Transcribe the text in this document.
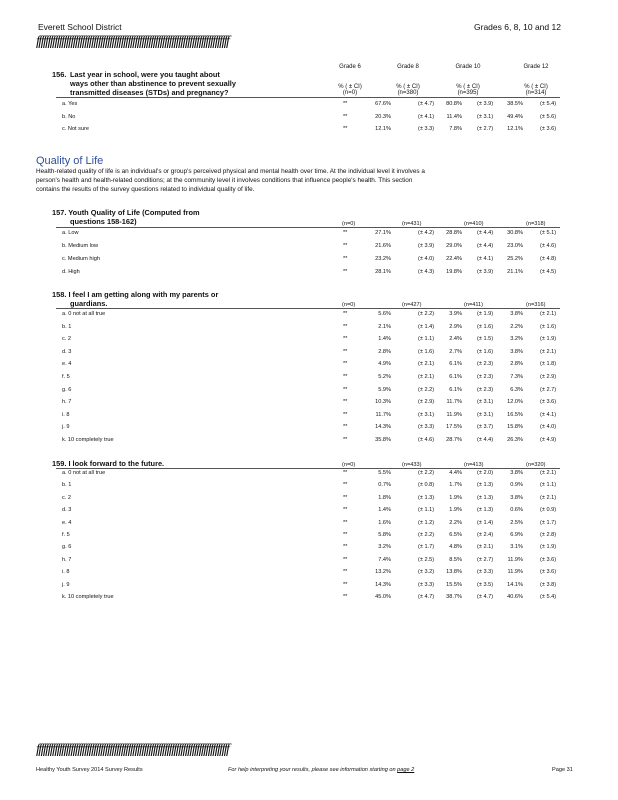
Everett School District	Grades 6, 8, 10 and 12
ffffffffffffffffffffffffffffffffffffffffffffffffffffffffffffffffffffffffffffffffffff
Grade 6	Grade 8	Grade 10	Grade 12
156. Last year in school, were you taught about
ways other than abstinence to prevent sexually
transmitted diseases (STDs) and pregnancy?
% ( ± CI)	% ( ± CI)	% ( ± CI)	% ( ± CI)
(n=0)	(n=380)	(n=395)	(n=314)
a. Yes	**	67.6%	(± 4.7)	80.8%	(± 3.9)	38.5%	(± 5.4)
b. No	**	20.3%	(± 4.1)	11.4%	(± 3.1)	49.4%	(± 5.6)
c. Not sure	**	12.1%	(± 3.3)	7.8%	(± 2.7)	12.1%	(± 3.6)
Quality of Life
Health-related quality of life is an individual's or group's perceived physical and mental health over time. At the individual level it involves a
person's health and health-related conditions; at the community level it involves conditions that influence people's health. This section
contains the results of the survey questions related to individual quality of life.
157. Youth Quality of Life (Computed from
questions 158-162)	(n=0)	(n=431)	(n=410)	(n=318)
a. Low	**	27.1%	(± 4.2)	28.8%	(± 4.4)	30.8%	(± 5.1)
b. Medium low	**	21.6%	(± 3.9)	29.0%	(± 4.4)	23.0%	(± 4.6)
c. Medium high	**	23.2%	(± 4.0)	22.4%	(± 4.1)	25.2%	(± 4.8)
d. High	**	28.1%	(± 4.3)	19.8%	(± 3.9)	21.1%	(± 4.5)
158. I feel I am getting along with my parents or
guardians.	(n=0)	(n=427)	(n=411)	(n=316)
a. 0 not at all true	**	5.6%	(± 2.2)	3.9%	(± 1.9)	3.8%	(± 2.1)
b. 1	**	2.1%	(± 1.4)	2.9%	(± 1.6)	2.2%	(± 1.6)
c. 2	**	1.4%	(± 1.1)	2.4%	(± 1.5)	3.2%	(± 1.9)
d. 3	**	2.8%	(± 1.6)	2.7%	(± 1.6)	3.8%	(± 2.1)
e. 4	**	4.9%	(± 2.1)	6.1%	(± 2.3)	2.8%	(± 1.8)
f. 5	**	5.2%	(± 2.1)	6.1%	(± 2.3)	7.3%	(± 2.9)
g. 6	**	5.9%	(± 2.2)	6.1%	(± 2.3)	6.3%	(± 2.7)
h. 7	**	10.3%	(± 2.9)	11.7%	(± 3.1)	12.0%	(± 3.6)
i. 8	**	11.7%	(± 3.1)	11.9%	(± 3.1)	16.5%	(± 4.1)
j. 9	**	14.3%	(± 3.3)	17.5%	(± 3.7)	15.8%	(± 4.0)
k. 10 completely true	**	35.8%	(± 4.6)	28.7%	(± 4.4)	26.3%	(± 4.9)
159. I look forward to the future.	(n=0)	(n=433)	(n=413)	(n=320)
a. 0 not at all true	**	5.5%	(± 2.2)	4.4%	(± 2.0)	3.8%	(± 2.1)
b. 1	**	0.7%	(± 0.8)	1.7%	(± 1.3)	0.9%	(± 1.1)
c. 2	**	1.8%	(± 1.3)	1.9%	(± 1.3)	3.8%	(± 2.1)
d. 3	**	1.4%	(± 1.1)	1.9%	(± 1.3)	0.6%	(± 0.9)
e. 4	**	1.6%	(± 1.2)	2.2%	(± 1.4)	2.5%	(± 1.7)
f. 5	**	5.8%	(± 2.2)	6.5%	(± 2.4)	6.9%	(± 2.8)
g. 6	**	3.2%	(± 1.7)	4.8%	(± 2.1)	3.1%	(± 1.9)
h. 7	**	7.4%	(± 2.5)	8.5%	(± 2.7)	11.9%	(± 3.6)
i. 8	**	13.2%	(± 3.2)	13.8%	(± 3.3)	11.9%	(± 3.6)
j. 9	**	14.3%	(± 3.3)	15.5%	(± 3.5)	14.1%	(± 3.8)
k. 10 completely true	**	45.0%	(± 4.7)	38.7%	(± 4.7)	40.6%	(± 5.4)
ffffffffffffffffffffffffffffffffffffffffffffffffffffffffffffffffffffffffffffffffffff
Healthy Youth Survey 2014 Survey Results	For help interpreting your results, please see information starting on page 2	Page 31
